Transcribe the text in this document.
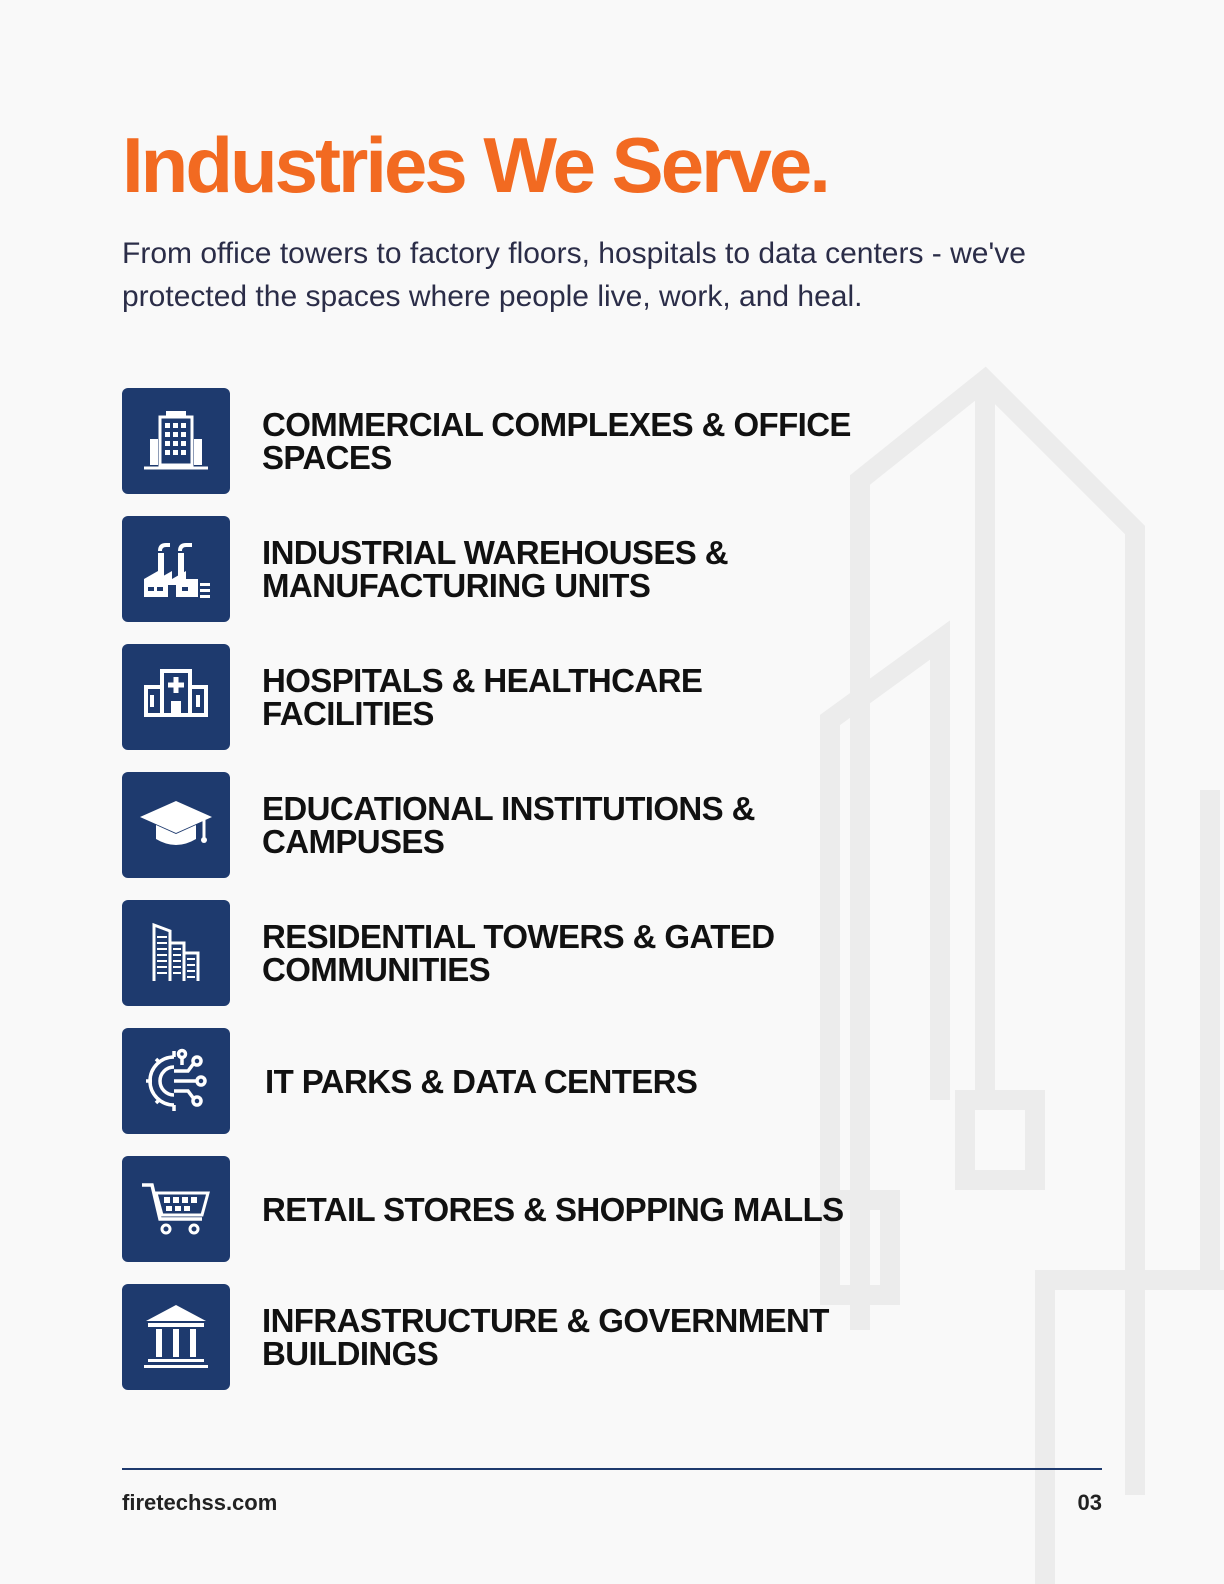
Industries We Serve.

From office towers to factory floors, hospitals to data centers - we've protected the spaces where people live, work, and heal.

COMMERCIAL COMPLEXES & OFFICE SPACES
INDUSTRIAL WAREHOUSES & MANUFACTURING UNITS
HOSPITALS & HEALTHCARE FACILITIES
EDUCATIONAL INSTITUTIONS & CAMPUSES
RESIDENTIAL TOWERS & GATED COMMUNITIES
IT PARKS & DATA CENTERS
RETAIL STORES & SHOPPING MALLS
INFRASTRUCTURE & GOVERNMENT BUILDINGS
firetechss.com	03
